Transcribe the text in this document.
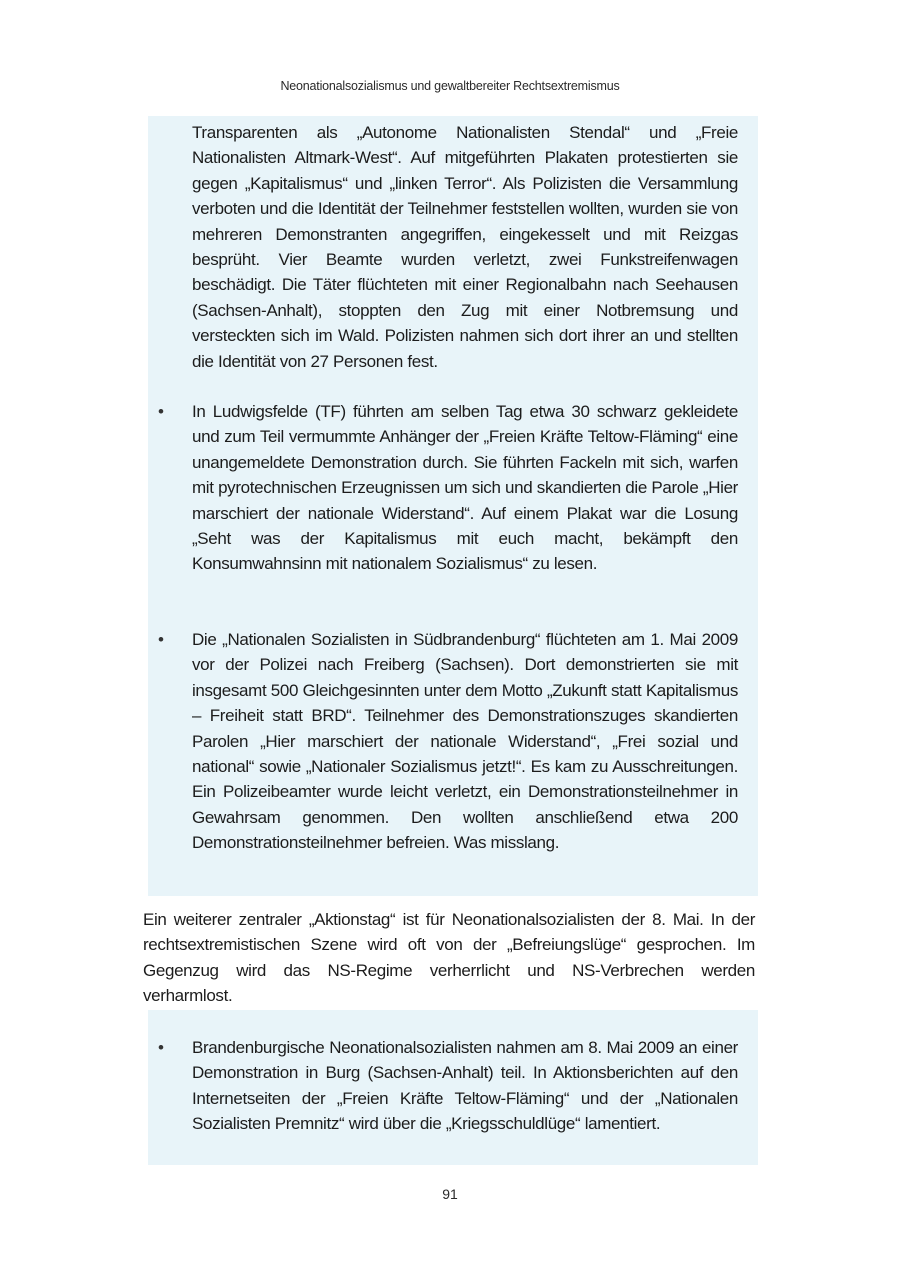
Neonationalsozialismus und gewaltbereiter Rechtsextremismus

Transparenten als „Autonome Nationalisten Stendal“ und „Freie Nationalisten Altmark-West“. Auf mitgeführten Plakaten protestierten sie gegen „Kapitalismus“ und „linken Terror“. Als Polizisten die Versammlung verboten und die Identität der Teilnehmer feststellen wollten, wurden sie von mehreren Demonstranten angegriffen, eingekesselt und mit Reizgas besprüht. Vier Beamte wurden verletzt, zwei Funkstreifenwagen beschädigt. Die Täter flüchteten mit einer Regionalbahn nach Seehausen (Sachsen-Anhalt), stoppten den Zug mit einer Notbremsung und versteckten sich im Wald. Polizisten nahmen sich dort ihrer an und stellten die Identität von 27 Personen fest.

• In Ludwigsfelde (TF) führten am selben Tag etwa 30 schwarz gekleidete und zum Teil vermummte Anhänger der „Freien Kräfte Teltow-Fläming“ eine unangemeldete Demonstration durch. Sie führten Fackeln mit sich, warfen mit pyrotechnischen Erzeugnissen um sich und skandierten die Parole „Hier marschiert der nationale Widerstand“. Auf einem Plakat war die Losung „Seht was der Kapitalismus mit euch macht, bekämpft den Konsumwahnsinn mit nationalem Sozialismus“ zu lesen.

• Die „Nationalen Sozialisten in Südbrandenburg“ flüchteten am 1. Mai 2009 vor der Polizei nach Freiberg (Sachsen). Dort demonstrierten sie mit insgesamt 500 Gleichgesinnten unter dem Motto „Zukunft statt Kapitalismus – Freiheit statt BRD“. Teilnehmer des Demonstrationszuges skandierten Parolen „Hier marschiert der nationale Widerstand“, „Frei sozial und national“ sowie „Nationaler Sozialismus jetzt!“. Es kam zu Ausschreitungen. Ein Polizeibeamter wurde leicht verletzt, ein Demonstrationsteilnehmer in Gewahrsam genommen. Den wollten anschließend etwa 200 Demonstrationsteilnehmer befreien. Was misslang.

Ein weiterer zentraler „Aktionstag“ ist für Neonationalsozialisten der 8. Mai. In der rechtsextremistischen Szene wird oft von der „Befreiungslüge“ gesprochen. Im Gegenzug wird das NS-Regime verherrlicht und NS-Verbrechen werden verharmlost.

• Brandenburgische Neonationalsozialisten nahmen am 8. Mai 2009 an einer Demonstration in Burg (Sachsen-Anhalt) teil. In Aktionsberichten auf den Internetseiten der „Freien Kräfte Teltow-Fläming“ und der „Nationalen Sozialisten Premnitz“ wird über die „Kriegsschuldlüge“ lamentiert.

91
